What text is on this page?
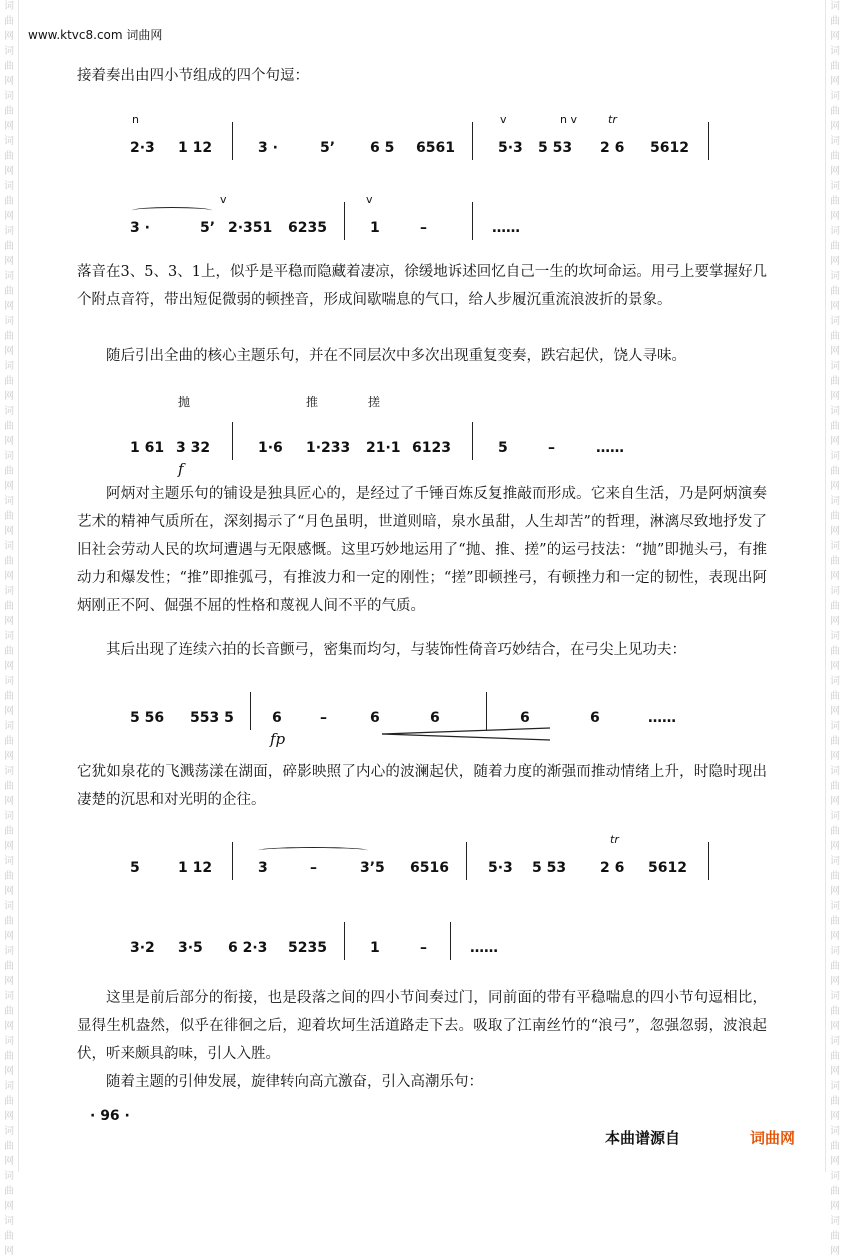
词
曲
网
词
曲
网
词
曲
网
词
曲
网
词
曲
网
词
曲
网
词
曲
网
词
曲
网
词
曲
网
词
曲
网
词
曲
网
词
曲
网
词
曲
网
词
曲
网
词
曲
网
词
曲
网
词
曲
网
词
曲
网
词
曲
网
词
曲
网
词
曲
网
词
曲
网
词
曲
网
词
曲
网
词
曲
网
词
曲
网
词
曲
网
词
曲
网
词
曲
网
词
曲
网
词
曲
网
词
曲
网
词
曲
网
词
曲
网
词
曲
网
词
曲
网
词
曲
网
词
曲
网
词
曲
网
词
曲
网
词
曲
网
词
曲
网
词
曲
网
词
曲
网
词
曲
网
词
曲
网
词
曲
网
词
曲
网
词
曲
网
词
曲
网
词
曲
网
词
曲
网
词
曲
网
词
曲
网
词
曲
网
词
曲
网
www.ktvc8.com 词曲网

接着奏出由四小节组成的四个句逗：

n	v	n v	tr
2·3 1 12	3 ·	5’ 6 5 6561	5·3 5 53 2 6 5612
v	v
3 ·	5’ 2·351 6235	1	–	……

落音在3、5、3、1上，似乎是平稳而隐藏着凄凉，徐缓地诉述回忆自己一生的坎坷命运。用弓上要掌握好几个附点音符，带出短促微弱的顿挫音，形成间歇喘息的气口，给人步履沉重流浪波折的景象。

随后引出全曲的核心主题乐句，并在不同层次中多次出现重复变奏，跌宕起伏，饶人寻味。

抛	推	搓
1 61 3 32
f
1·6 1·233 21·1 6123	5	–	……

阿炳对主题乐句的铺设是独具匠心的，是经过了千锤百炼反复推敲而形成。它来自生活，乃是阿炳演奏艺术的精神气质所在，深刻揭示了“月色虽明，世道则暗，泉水虽甜，人生却苦”的哲理，淋漓尽致地抒发了旧社会劳动人民的坎坷遭遇与无限感慨。这里巧妙地运用了“抛、推、搓”的运弓技法：“抛”即抛头弓，有推动力和爆发性；“推”即推弧弓，有推波力和一定的刚性；“搓”即顿挫弓，有顿挫力和一定的韧性，表现出阿炳刚正不阿、倔强不屈的性格和蔑视人间不平的气质。

其后出现了连续六拍的长音颤弓，密集而均匀，与装饰性倚音巧妙结合，在弓尖上见功夫：

5 56 553 5	6	–	6	6	6	6	……
fp

它犹如泉花的飞溅荡漾在湖面，碎影映照了内心的波澜起伏，随着力度的渐强而推动情绪上升，时隐时现出凄楚的沉思和对光明的企往。

tr
5	1 12	3	–	3’5 6516	5·3 5 53 2 6 5612
3·2 3·5 6 2·3 5235	1	–	……

这里是前后部分的衔接，也是段落之间的四小节间奏过门，同前面的带有平稳喘息的四小节句逗相比，显得生机盎然，似乎在徘徊之后，迎着坎坷生活道路走下去。吸取了江南丝竹的“浪弓”，忽强忽弱，波浪起伏，听来颇具韵味，引人入胜。

随着主题的引伸发展，旋律转向高亢激奋，引入高潮乐句：

· 96 ·
本曲谱源自	词曲网
